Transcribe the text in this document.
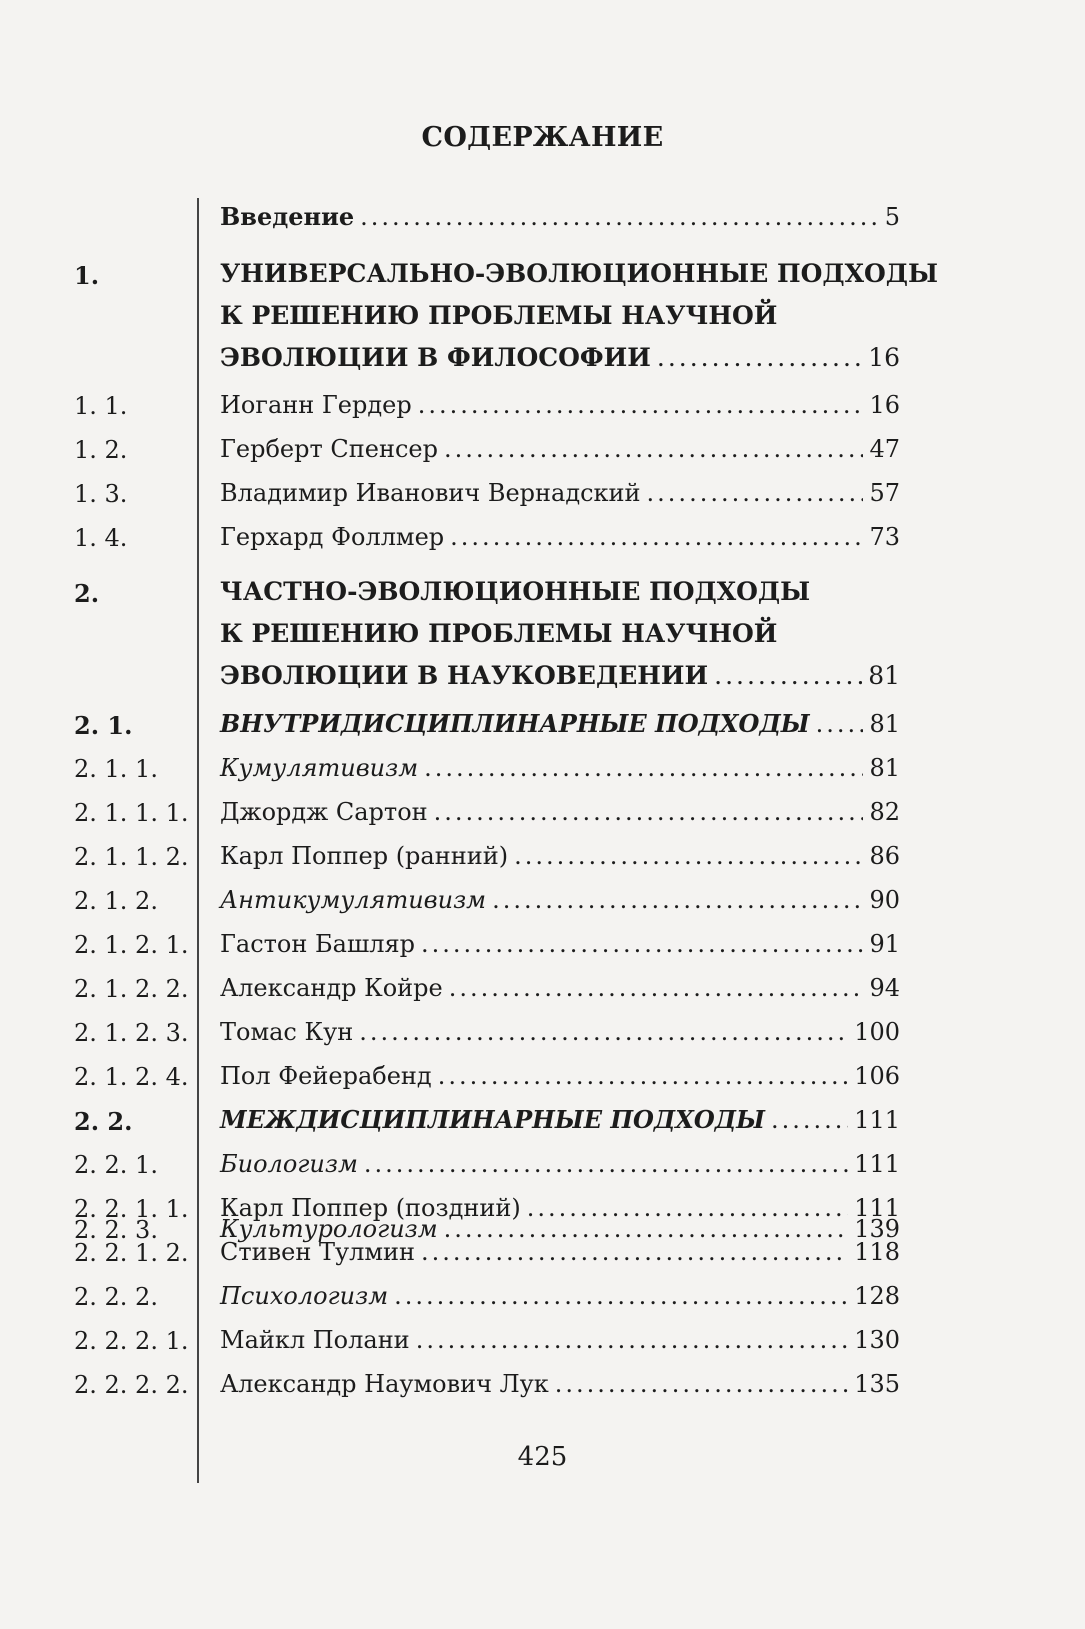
СОДЕРЖАНИЕ
Введение .....	5
1.	УНИВЕРСАЛЬНО-ЭВОЛЮЦИОННЫЕ ПОДХОДЫ
К РЕШЕНИЮ ПРОБЛЕМЫ НАУЧНОЙ
ЭВОЛЮЦИИ В ФИЛОСОФИИ .....	16
1. 1.	Иоганн Гердер .....	16
1. 2.	Герберт Спенсер .....	47
1. 3.	Владимир Иванович Вернадский .....	57
1. 4.	Герхард Фоллмер .....	73
2.	ЧАСТНО-ЭВОЛЮЦИОННЫЕ ПОДХОДЫ
К РЕШЕНИЮ ПРОБЛЕМЫ НАУЧНОЙ
ЭВОЛЮЦИИ В НАУКОВЕДЕНИИ .....	81
2. 1.	ВНУТРИДИСЦИПЛИНАРНЫЕ ПОДХОДЫ ..... 81
2. 1. 1.	Кумулятивизм .....	81
2. 1. 1. 1. Джордж Сартон .....	82
2. 1. 1. 2. Карл Поппер (ранний) .....	86
2. 1. 2.	Антикумулятивизм .....	90
2. 1. 2. 1. Гастон Башляр .....	91
2. 1. 2. 2. Александр Койре .....	94
2. 1. 2. 3. Томас Кун .....	100
2. 1. 2. 4. Пол Фейерабенд .....	106
2. 2.	МЕЖДИСЦИПЛИНАРНЫЕ ПОДХОДЫ .....	111
2. 2. 1.	Биологизм .....	111
2. 2. 1. 1. Карл Поппер (поздний) .....	111
2. 2. 1. 2. Стивен Тулмин .....	118
2. 2. 2.	Психологизм .....	128
2. 2. 2. 1. Майкл Полани .....	130
2. 2. 2. 2. Александр Наумович Лук .....	135
2. 2. 3.	Культурологизм .....	139
425
